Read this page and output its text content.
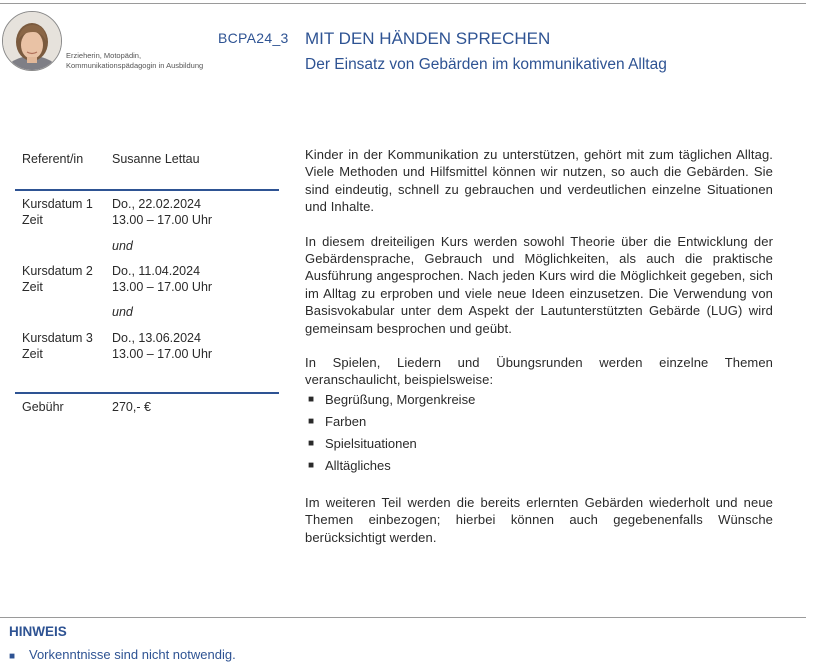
Erzieherin, Motopädin,
Kommunikationspädagogin in Ausbildung
BCPA24_3 MIT DEN HÄNDEN SPRECHEN
Der Einsatz von Gebärden im kommunikativen Alltag
Referent/in Susanne Lettau
Kursdatum 1 Do., 22.02.2024
Zeit	13.00 – 17.00 Uhr
und
Kursdatum 2 Do., 11.04.2024
Zeit	13.00 – 17.00 Uhr
und
Kursdatum 3 Do., 13.06.2024
Zeit	13.00 – 17.00 Uhr
Gebühr	270,- €

Kinder in der Kommunikation zu unterstützen, gehört mit zum täglichen Alltag. Viele Methoden und Hilfsmittel können wir nutzen, so auch die Gebärden. Sie sind eindeutig, schnell zu gebrauchen und verdeutlichen einzelne Situationen und Inhalte.

In diesem dreiteiligen Kurs werden sowohl Theorie über die Entwicklung der Gebärdensprache, Gebrauch und Möglichkeiten, als auch die praktische Ausführung angesprochen. Nach jeden Kurs wird die Möglichkeit gegeben, sich im Alltag zu erproben und viele neue Ideen einzusetzen. Die Verwendung von Basisvokabular unter dem Aspekt der Lautunterstützten Gebärde (LUG) wird gemeinsam besprochen und geübt.

In Spielen, Liedern und Übungsrunden werden einzelne Themen veranschaulicht, beispielsweise:

■ Begrüßung, Morgenkreise
■ Farben
■ Spielsituationen
■ Alltägliches

Im weiteren Teil werden die bereits erlernten Gebärden wiederholt und neue Themen einbezogen; hierbei können auch gegebenenfalls Wünsche berücksichtigt werden.

HINWEIS
■ Vorkenntnisse sind nicht notwendig.
